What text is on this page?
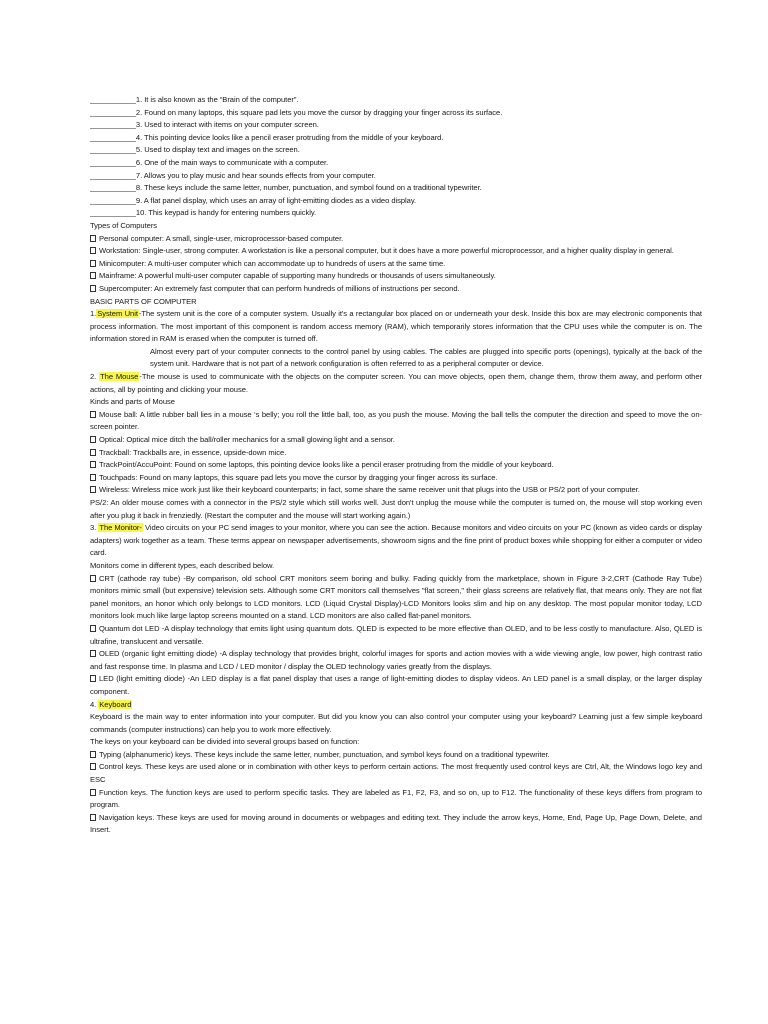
___________1. It is also known as the “Brain of the computer”.
___________2. Found on many laptops, this square pad lets you move the cursor by dragging your finger across its surface.
___________3. Used to interact with items on your computer screen.
___________4. This pointing device looks like a pencil eraser protruding from the middle of your keyboard.
___________5. Used to display text and images on the screen.
___________6. One of the main ways to communicate with a computer.
___________7. Allows you to play music and hear sounds effects from your computer.
___________8. These keys include the same letter, number, punctuation, and symbol found on a traditional typewriter.
___________9. A flat panel display, which uses an array of light-emitting diodes as a video display.
___________10. This keypad is handy for entering numbers quickly.
Types of Computers
Personal computer: A small, single-user, microprocessor-based computer.
Workstation: Single-user, strong computer. A workstation is like a personal computer, but it does have a more powerful microprocessor, and a higher quality display in general.
Minicomputer: A multi-user computer which can accommodate up to hundreds of users at the same time.
Mainframe: A powerful multi-user computer capable of supporting many hundreds or thousands of users simultaneously.
Supercomputer: An extremely fast computer that can perform hundreds of millions of instructions per second.
BASIC PARTS OF COMPUTER
1.System Unit-The system unit is the core of a computer system. Usually it's a rectangular box placed on or underneath your desk. Inside this box are may electronic components that process information. The most important of this component is random access memory (RAM), which temporarily stores information that the CPU uses while the computer is on. The information stored in RAM is erased when the computer is turned off.
Almost every part of your computer connects to the control panel by using cables. The cables are plugged into specific ports (openings), typically at the back of the system unit. Hardware that is not part of a network configuration is often referred to as a peripheral computer or device.
2. The Mouse-The mouse is used to communicate with the objects on the computer screen. You can move objects, open them, change them, throw them away, and perform other actions, all by pointing and clicking your mouse.
Kinds and parts of Mouse
Mouse ball: A little rubber ball lies in a mouse ‘s belly; you roll the little ball, too, as you push the mouse. Moving the ball tells the computer the direction and speed to move the on-screen pointer.
Optical: Optical mice ditch the ball/roller mechanics for a small glowing light and a sensor.
Trackball: Trackballs are, in essence, upside-down mice.
TrackPoint/AccuPoint: Found on some laptops, this pointing device looks like a pencil eraser protruding from the middle of your keyboard.
Touchpads: Found on many laptops, this square pad lets you move the cursor by dragging your finger across its surface.
Wireless: Wireless mice work just like their keyboard counterparts; in fact, some share the same receiver unit that plugs into the USB or PS/2 port of your computer.
PS/2: An older mouse comes with a connector in the PS/2 style which still works well. Just don't unplug the mouse while the computer is turned on, the mouse will stop working even after you plug it back in frenziedly. (Restart the computer and the mouse will start working again.)
3. The Monitor- Video circuits on your PC send images to your monitor, where you can see the action. Because monitors and video circuits on your PC (known as video cards or display adapters) work together as a team. These terms appear on newspaper advertisements, showroom signs and the fine print of product boxes while shopping for either a computer or video card.
Monitors come in different types, each described below.
CRT (cathode ray tube) -By comparison, old school CRT monitors seem boring and bulky. Fading quickly from the marketplace, shown in Figure 3-2,CRT (Cathode Ray Tube) monitors mimic small (but expensive) television sets. Although some CRT monitors call themselves "flat screen," their glass screens are relatively flat, that means only. They are not flat panel monitors, an honor which only belongs to LCD monitors. LCD (Liquid Crystal Display)-LCD Monitors looks slim and hip on any desktop. The most popular monitor today, LCD monitors look much like large laptop screens mounted on a stand. LCD monitors are also called flat-panel monitors.
Quantum dot LED -A display technology that emits light using quantum dots. QLED is expected to be more effective than OLED, and to be less costly to manufacture. Also, QLED is ultrafine, translucent and versatile.
OLED (organic light emitting diode) -A display technology that provides bright, colorful images for sports and action movies with a wide viewing angle, low power, high contrast ratio and fast response time. In plasma and LCD / LED monitor / display the OLED technology varies greatly from the displays.
LED (light emitting diode) -An LED display is a flat panel display that uses a range of light-emitting diodes to display videos. An LED panel is a small display, or the larger display component.
4. Keyboard
Keyboard is the main way to enter information into your computer. But did you know you can also control your computer using your keyboard? Learning just a few simple keyboard commands (computer instructions) can help you to work more effectively.
The keys on your keyboard can be divided into several groups based on function:
Typing (alphanumeric) keys. These keys include the same letter, number, punctuation, and symbol keys found on a traditional typewriter.
Control keys. These keys are used alone or in combination with other keys to perform certain actions. The most frequently used control keys are Ctrl, Alt, the Windows logo key and ESC
Function keys. The function keys are used to perform specific tasks. They are labeled as F1, F2, F3, and so on, up to F12. The functionality of these keys differs from program to program.
Navigation keys. These keys are used for moving around in documents or webpages and editing text. They include the arrow keys, Home, End, Page Up, Page Down, Delete, and Insert.
